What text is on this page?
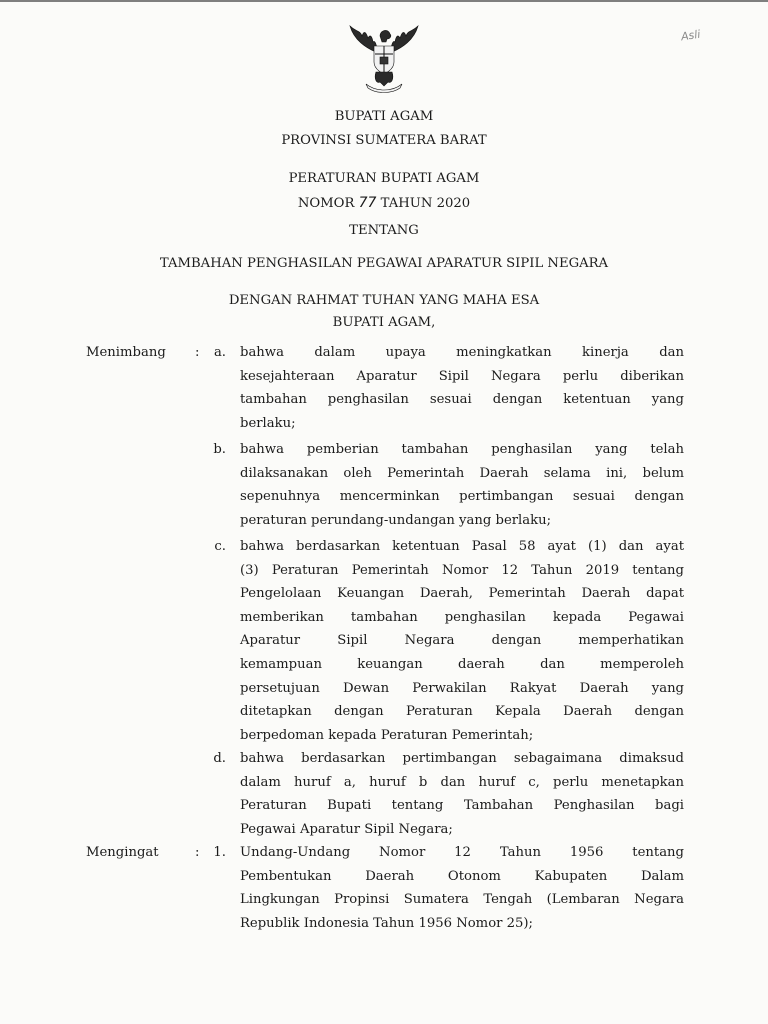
Asli
BUPATI AGAM
PROVINSI SUMATERA BARAT
PERATURAN BUPATI AGAM
NOMOR 77 TAHUN 2020
TENTANG
TAMBAHAN PENGHASILAN PEGAWAI APARATUR SIPIL NEGARA
DENGAN RAHMAT TUHAN YANG MAHA ESA
BUPATI AGAM,
Menimbang :	a. bahwa dalam upaya meningkatkan kinerja dan
kesejahteraan Aparatur Sipil Negara perlu diberikan
tambahan penghasilan sesuai dengan ketentuan yang
berlaku;
b. bahwa pemberian tambahan penghasilan yang telah
dilaksanakan oleh Pemerintah Daerah selama ini, belum
sepenuhnya mencerminkan pertimbangan sesuai dengan
peraturan perundang-undangan yang berlaku;
c. bahwa berdasarkan ketentuan Pasal 58 ayat (1) dan ayat
(3) Peraturan Pemerintah Nomor 12 Tahun 2019 tentang
Pengelolaan Keuangan Daerah, Pemerintah Daerah dapat
memberikan tambahan penghasilan kepada Pegawai
Aparatur Sipil Negara dengan memperhatikan
kemampuan keuangan daerah dan memperoleh
persetujuan Dewan Perwakilan Rakyat Daerah yang
ditetapkan dengan Peraturan Kepala Daerah dengan
berpedoman kepada Peraturan Pemerintah;
d. bahwa berdasarkan pertimbangan sebagaimana dimaksud
dalam huruf a, huruf b dan huruf c, perlu menetapkan
Peraturan Bupati tentang Tambahan Penghasilan bagi
Pegawai Aparatur Sipil Negara;
Mengingat	:	1. Undang-Undang Nomor 12 Tahun 1956 tentang
Pembentukan Daerah Otonom Kabupaten Dalam
Lingkungan Propinsi Sumatera Tengah (Lembaran Negara
Republik Indonesia Tahun 1956 Nomor 25);
